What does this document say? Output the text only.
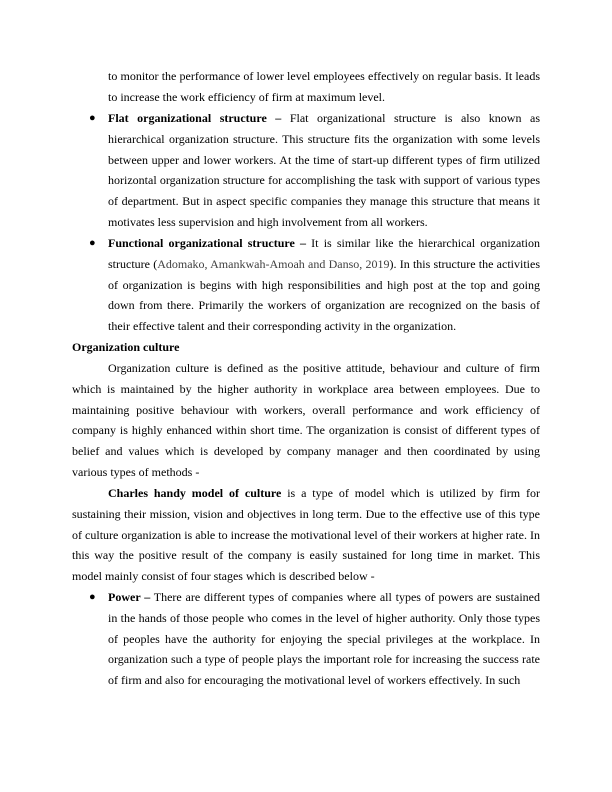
to monitor the performance of lower level employees effectively on regular basis. It leads to increase the work efficiency of firm at maximum level.

● Flat organizational structure – Flat organizational structure is also known as hierarchical organization structure. This structure fits the organization with some levels between upper and lower workers. At the time of start-up different types of firm utilized horizontal organization structure for accomplishing the task with support of various types of department. But in aspect specific companies they manage this structure that means it motivates less supervision and high involvement from all workers.
● Functional organizational structure – It is similar like the hierarchical organization structure (Adomako, Amankwah-Amoah and Danso, 2019). In this structure the activities of organization is begins with high responsibilities and high post at the top and going down from there. Primarily the workers of organization are recognized on the basis of their effective talent and their corresponding activity in the organization.

Organization culture

Organization culture is defined as the positive attitude, behaviour and culture of firm which is maintained by the higher authority in workplace area between employees. Due to maintaining positive behaviour with workers, overall performance and work efficiency of company is highly enhanced within short time. The organization is consist of different types of belief and values which is developed by company manager and then coordinated by using various types of methods -

Charles handy model of culture is a type of model which is utilized by firm for sustaining their mission, vision and objectives in long term. Due to the effective use of this type of culture organization is able to increase the motivational level of their workers at higher rate. In this way the positive result of the company is easily sustained for long time in market. This model mainly consist of four stages which is described below -

● Power – There are different types of companies where all types of powers are sustained in the hands of those people who comes in the level of higher authority. Only those types of peoples have the authority for enjoying the special privileges at the workplace. In organization such a type of people plays the important role for increasing the success rate of firm and also for encouraging the motivational level of workers effectively. In such
